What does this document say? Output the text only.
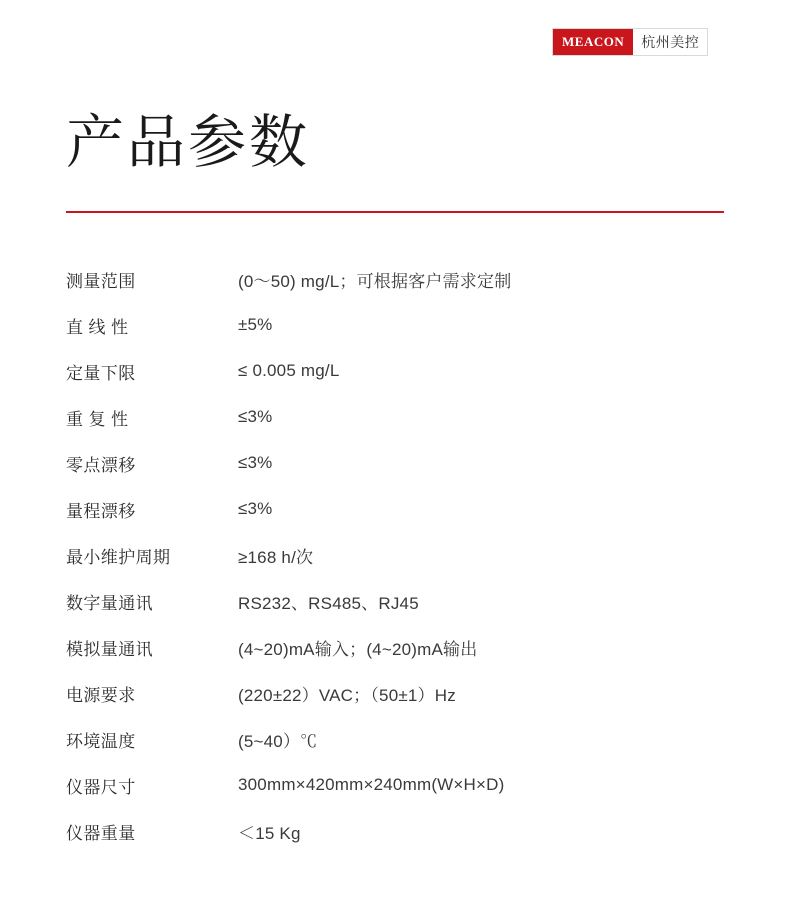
MEACON	杭州美控
产品参数
测量范围	(0〜50) mg/L；可根据客户需求定制
直 线 性	±5%
定量下限	≤ 0.005 mg/L
重 复 性	≤3%
零点漂移	≤3%
量程漂移	≤3%
最小维护周期	≥168 h/次
数字量通讯	RS232、RS485、RJ45
模拟量通讯	(4~20)mA输入；(4~20)mA输出
电源要求	(220±22）VAC；（50±1）Hz
环境温度	(5~40）℃
仪器尺寸	300mm×420mm×240mm(W×H×D)
仪器重量	＜15 Kg
